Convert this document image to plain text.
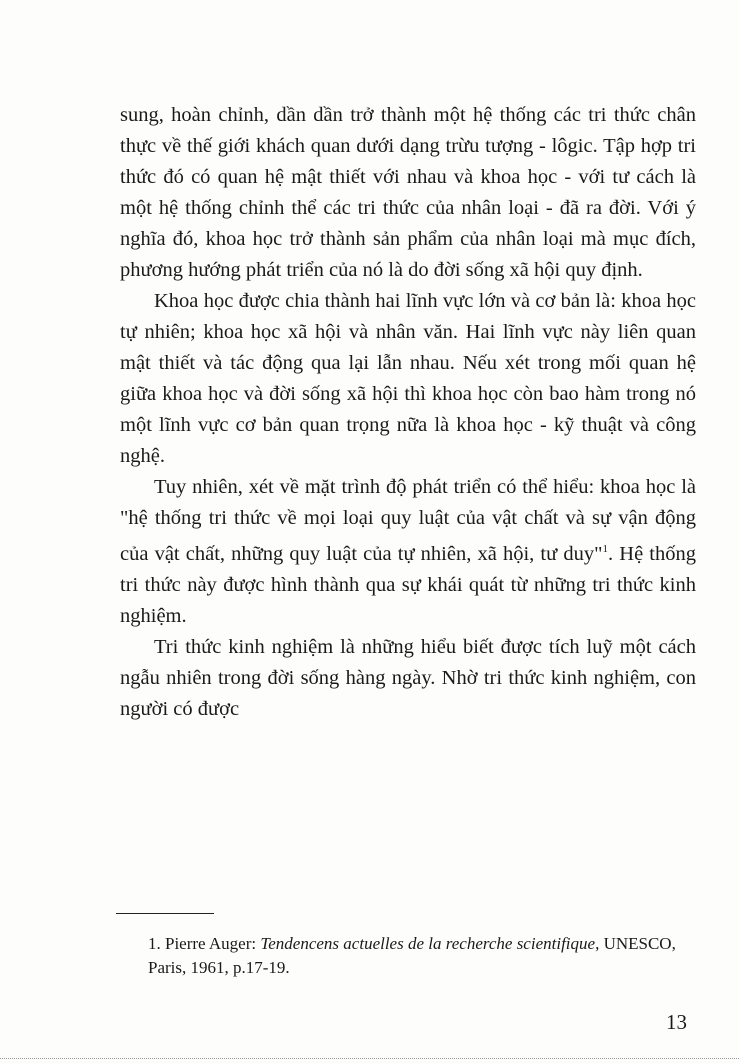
sung, hoàn chỉnh, dần dần trở thành một hệ thống các tri thức chân thực về thế giới khách quan dưới dạng trừu tượng - lôgic. Tập hợp tri thức đó có quan hệ mật thiết với nhau và khoa học - với tư cách là một hệ thống chỉnh thể các tri thức của nhân loại - đã ra đời. Với ý nghĩa đó, khoa học trở thành sản phẩm của nhân loại mà mục đích, phương hướng phát triển của nó là do đời sống xã hội quy định.

Khoa học được chia thành hai lĩnh vực lớn và cơ bản là: khoa học tự nhiên; khoa học xã hội và nhân văn. Hai lĩnh vực này liên quan mật thiết và tác động qua lại lẫn nhau. Nếu xét trong mối quan hệ giữa khoa học và đời sống xã hội thì khoa học còn bao hàm trong nó một lĩnh vực cơ bản quan trọng nữa là khoa học - kỹ thuật và công nghệ.

Tuy nhiên, xét về mặt trình độ phát triển có thể hiểu: khoa học là "hệ thống tri thức về mọi loại quy luật của vật chất và sự vận động của vật chất, những quy luật của tự nhiên, xã hội, tư duy"$^1$. Hệ thống tri thức này được hình thành qua sự khái quát từ những tri thức kinh nghiệm.

Tri thức kinh nghiệm là những hiểu biết được tích luỹ một cách ngẫu nhiên trong đời sống hàng ngày. Nhờ tri thức kinh nghiệm, con người có được

1. Pierre Auger: Tendencens actuelles de la recherche scientifique, UNESCO, Paris, 1961, p.17-19.

13
